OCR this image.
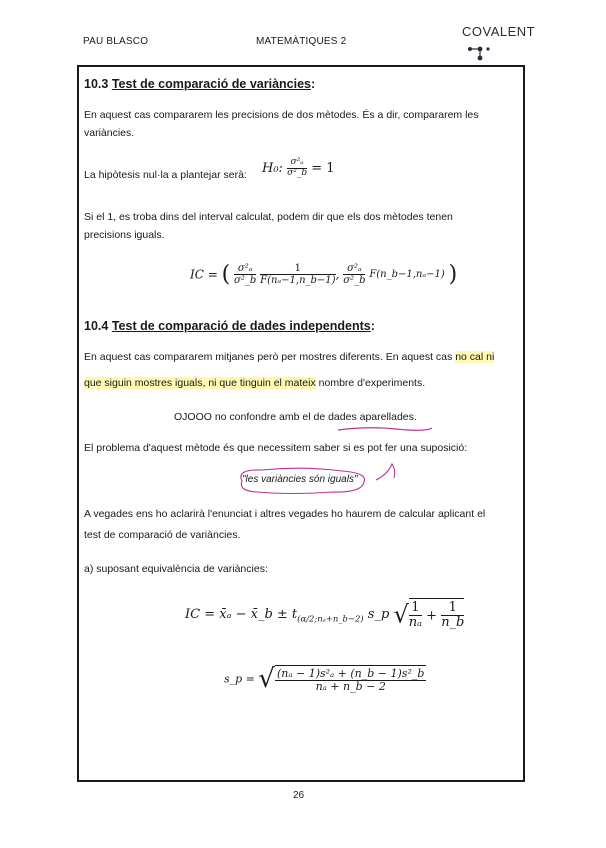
PAU BLASCO	MATEMÀTIQUES 2
COVALENT
10.3 Test de comparació de variàncies:
En aquest cas compararem les precisions de dos mètodes. És a dir, compararem les
variàncies.
La hipòtesis nul·la a plantejar serà: H₀: $\frac{\text{σ²ₐ}}{\text{σ²\_b}} = 1$
Si el 1, es troba dins del interval calculat, podem dir que els dos mètodes tenen
precisions iguals.
IC = ( $\frac{\text{σ²ₐ}}{\text{σ²\_b}}$
$\frac{1}{\text{F(nₐ−1,n\_b−1)}}$ , $\frac{\text{σ²ₐ}}{\text{σ²\_b}}$ F(n_b−1,nₐ−1) )
10.4 Test de comparació de dades independents:
En aquest cas compararem mitjanes però per mostres diferents. En aquest cas no cal ni
que siguin mostres iguals, ni que tinguin el mateix nombre d'experiments.
OJOOO no confondre amb el de dades aparellades.
El problema d'aquest mètode és que necessitem saber si es pot fer una suposició:
"les variàncies són iguals"
A vegades ens ho aclarirà l'enunciat i altres vegades ho haurem de calcular aplicant el
test de comparació de variàncies.
a) suposant equivalència de variàncies:
IC = x̄ₐ − x̄_b ± $t_{(\alpha/2;n_a+n\_b-2)}$ s_p √ $\frac{1}{\text{nₐ}} + \frac{1}{n\_b}$
s_p = √ $\frac{\text{(nₐ − 1)s²ₐ + (n\_b − 1)s²\_b}}{\text{nₐ + n\_b − 2}}$
26
